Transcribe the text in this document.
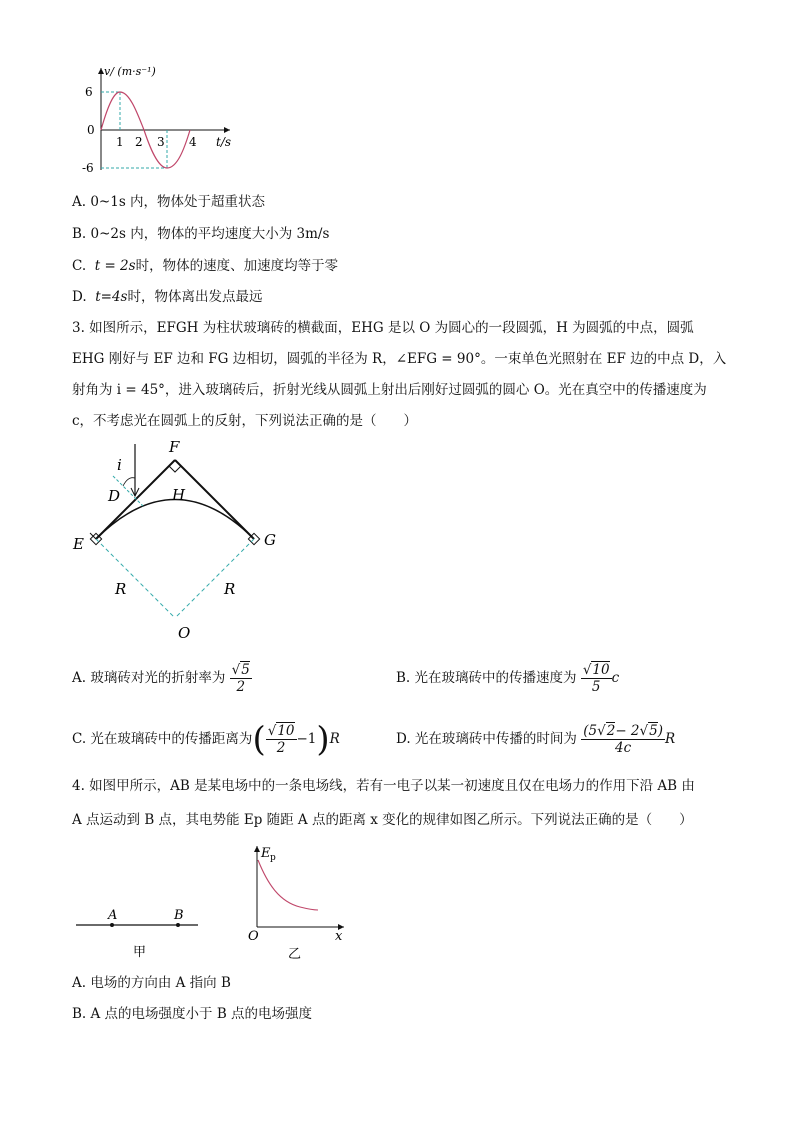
v/ (m·s⁻¹)
6
0
-6
1 2 3 4 t/s
A. 0~1s 内，物体处于超重状态
B. 0~2s 内，物体的平均速度大小为 3m/s
C. t = 2s时，物体的速度、加速度均等于零
D. t=4s时，物体离出发点最远
3. 如图所示，EFGH 为柱状玻璃砖的横截面，EHG 是以 O 为圆心的一段圆弧，H 为圆弧的中点，圆弧
EHG 刚好与 EF 边和 FG 边相切，圆弧的半径为 R，∠EFG = 90°。一束单色光照射在 EF 边的中点 D，入
射角为 i = 45°，进入玻璃砖后，折射光线从圆弧上射出后刚好过圆弧的圆心 O。光在真空中的传播速度为
c，不考虑光在圆弧上的反射，下列说法正确的是（　　）
F
i
D	H
E	G
R	R
O
A. 玻璃砖对光的折射率为 $\frac{√5}{2}$	B. 光在玻璃砖中的传播速度为 $\frac{√10}{5}$ c
C. 光在玻璃砖中的传播距离为( $\frac{√10}{2} -1)R$	D. 光在玻璃砖中传播的时间为 $\frac{(5√2- 2√5)}{4c}$ R
4. 如图甲所示，AB 是某电场中的一条电场线，若有一电子以某一初速度且仅在电场力的作用下沿 AB 由
A 点运动到 B 点，其电势能 Ep 随距 A 点的距离 x 变化的规律如图乙所示。下列说法正确的是（　　）
A	B
甲
E p
O	x
乙
A. 电场的方向由 A 指向 B
B. A 点的电场强度小于 B 点的电场强度
